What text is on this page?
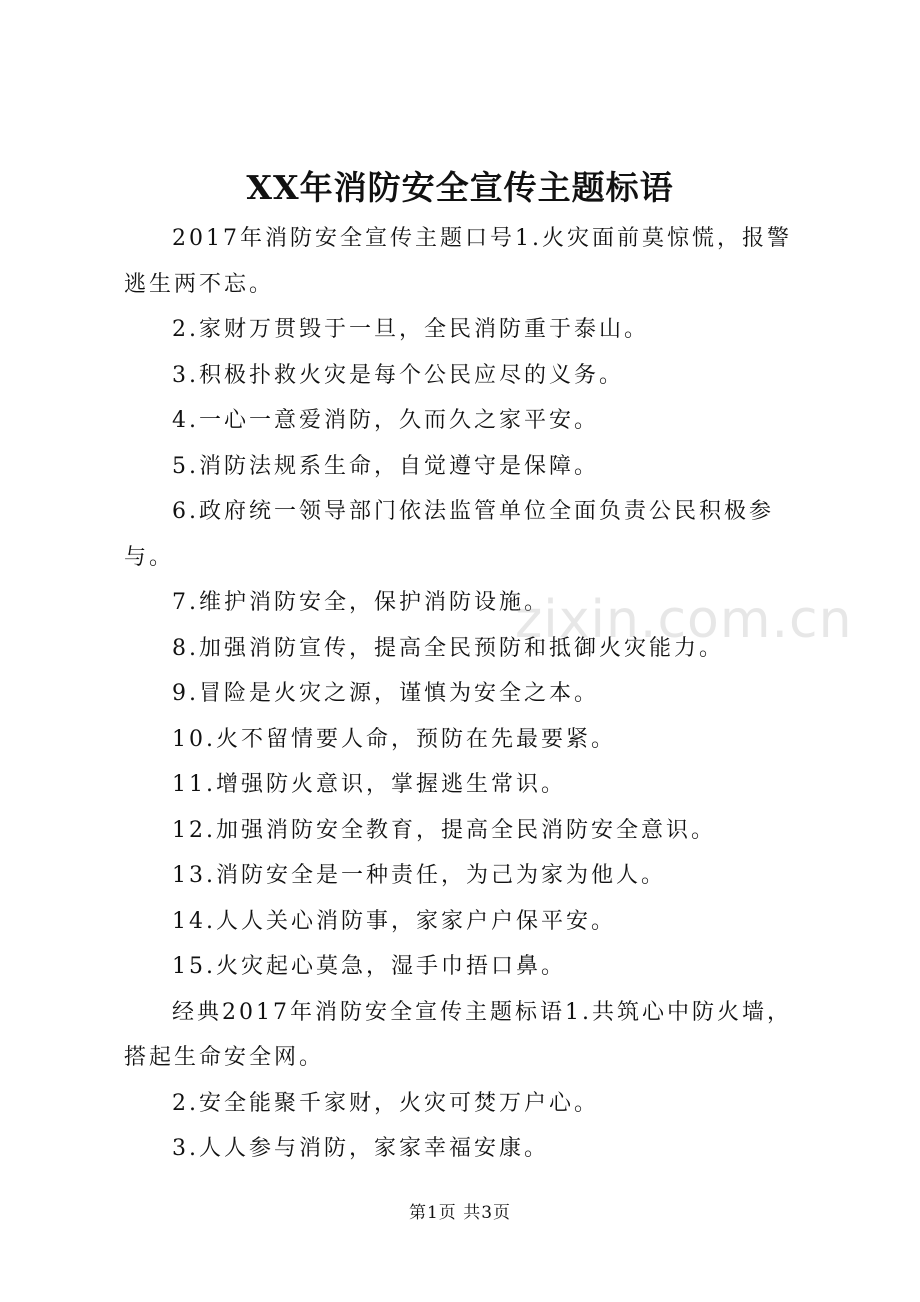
XX年消防安全宣传主题标语

2017年消防安全宣传主题口号1.火灾面前莫惊慌，报警逃生两不忘。

2.家财万贯毁于一旦，全民消防重于泰山。

3.积极扑救火灾是每个公民应尽的义务。

4.一心一意爱消防，久而久之家平安。

5.消防法规系生命，自觉遵守是保障。

6.政府统一领导部门依法监管单位全面负责公民积极参与。

7.维护消防安全，保护消防设施。

8.加强消防宣传，提高全民预防和抵御火灾能力。

9.冒险是火灾之源，谨慎为安全之本。

10.火不留情要人命，预防在先最要紧。

11.增强防火意识，掌握逃生常识。

12.加强消防安全教育，提高全民消防安全意识。

13.消防安全是一种责任，为己为家为他人。

14.人人关心消防事，家家户户保平安。

15.火灾起心莫急，湿手巾捂口鼻。

经典2017年消防安全宣传主题标语1.共筑心中防火墙，搭起生命安全网。

2.安全能聚千家财，火灾可焚万户心。

3.人人参与消防，家家幸福安康。

zixin.com.cn
第1页 共3页
